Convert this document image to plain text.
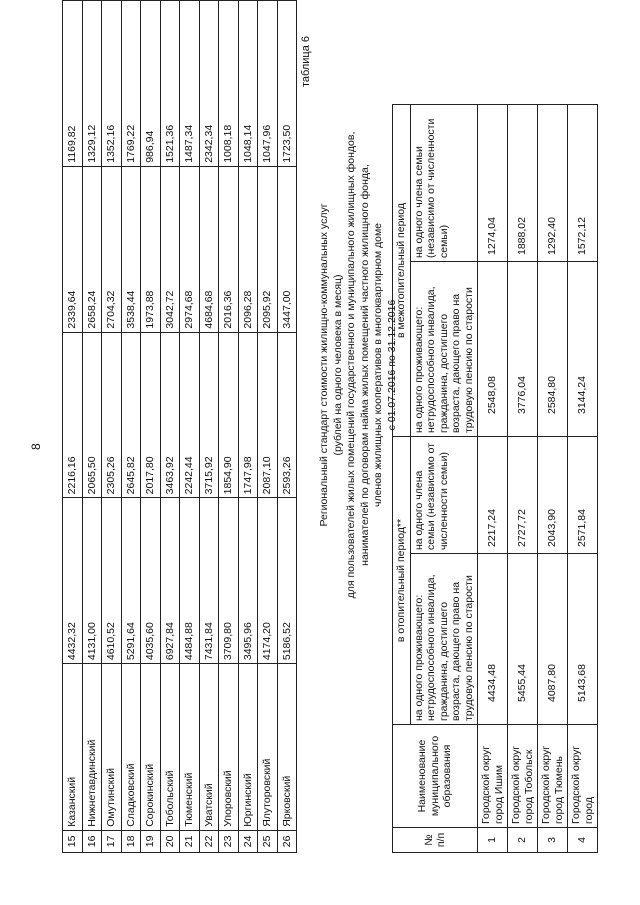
8
15	Казанский	4432,32	2216,16	2339,64	1169,82
16	Нижнетавдинский	4131,00	2065,50	2658,24	1329,12
17	Омутинский	4610,52	2305,26	2704,32	1352,16
18	Сладковский	5291,64	2645,82	3538,44	1769,22
19	Сорокинский	4035,60	2017,80	1973,88	986,94
20	Тобольский	6927,84	3463,92	3042,72	1521,36
21	Тюменский	4484,88	2242,44	2974,68	1487,34
22	Уватский	7431,84	3715,92	4684,68	2342,34
23	Упоровский	3709,80	1854,90	2016,36	1008,18
24	Юргинский	3495,96	1747,98	2096,28	1048,14
25	Ялуторовский	4174,20	2087,10	2095,92	1047,96
26	Ярковский	5186,52	2593,26	3447,00	1723,50
таблица 6
Региональный стандарт стоимости жилищно-коммунальных услуг (рублей на одного человека в месяц) для пользователей жилых помещений государственного и муниципального жилищных фондов, нанимателей по договорам найма жилых помещений частного жилищного фонда, членов жилищных кооперативов в многоквартирном доме с 01.07.2016 по 31.12.2016
№ п/п	Наименование муниципального образования	в отопительный период**		в межотопительный период	
		на одного проживающего: нетрудоспособного инвалида, гражданина, достигшего возраста, дающего право на трудовую пенсию по старости	на одного члена семьи (независимо от численности семьи)	на одного проживающего: нетрудоспособного инвалида, гражданина, достигшего возраста, дающего право на трудовую пенсию по старости	на одного члена семьи (независимо от численности семьи)
1	Городской округ город Ишим	4434,48	2217,24	2548,08	1274,04
2	Городской округ город Тобольск	5455,44	2727,72	3776,04	1888,02
3	Городской округ город Тюмень	4087,80	2043,90	2584,80	1292,40
4	Городской округ город	5143,68	2571,84	3144,24	1572,12
